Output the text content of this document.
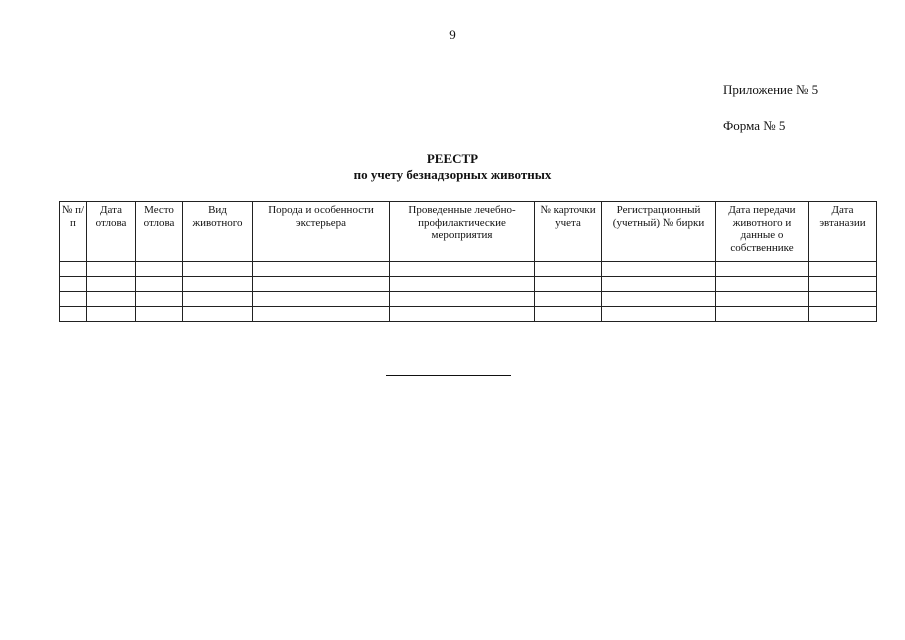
9
Приложение № 5
Форма № 5
РЕЕСТР
по учету безнадзорных животных
№ п/п	Дата отлова	Место отлова	Вид животного	Порода и особенности экстерьера	Проведенные лечебно-профилактические мероприятия	№ карточки учета	Регистрационный (учетный) № бирки	Дата передачи животного и данные о собственнике	Дата эвтаназии
